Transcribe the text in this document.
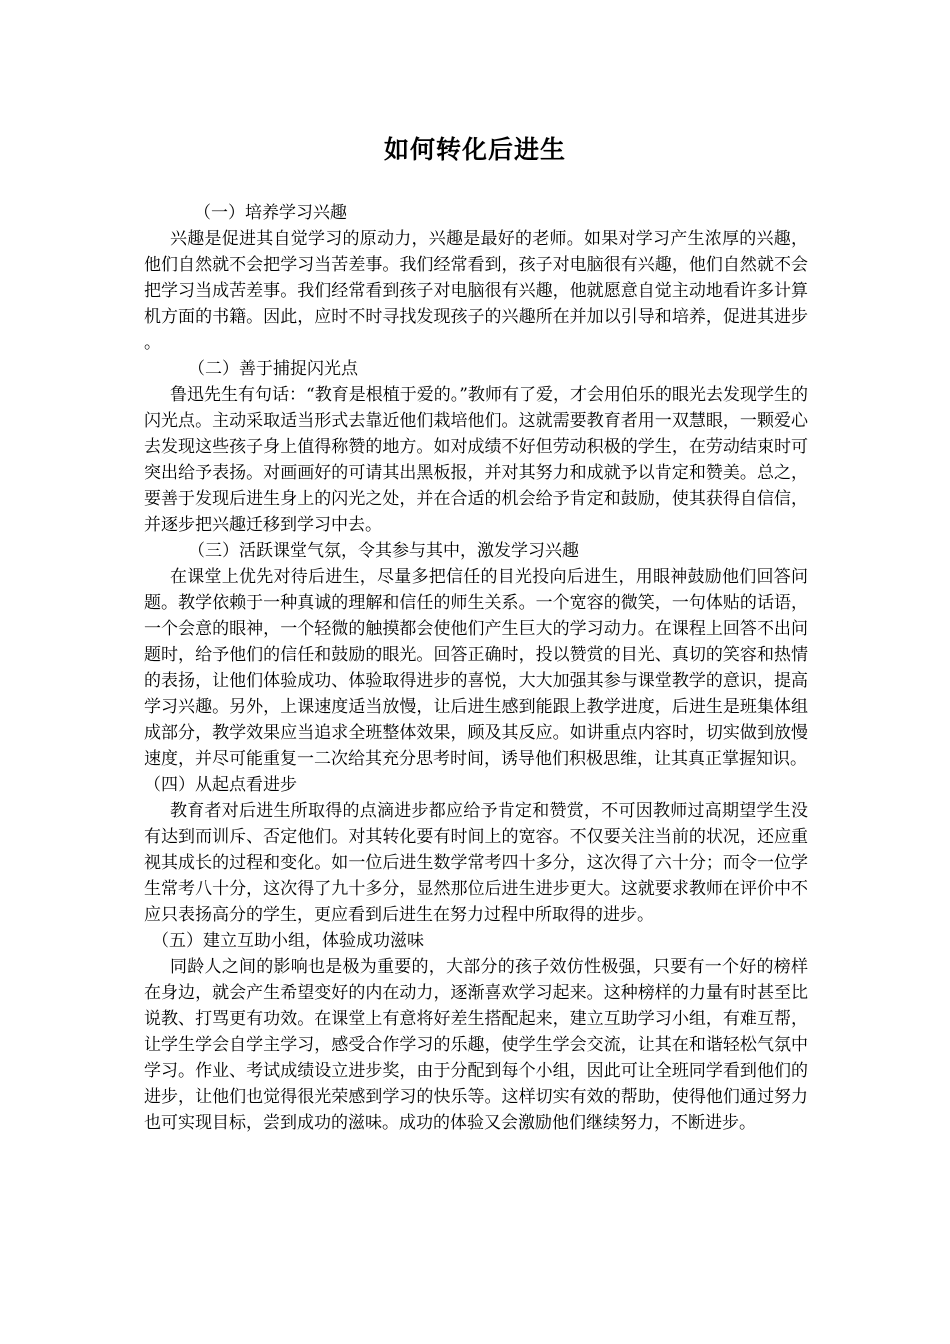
如何转化后进生

（一）培养学习兴趣

兴趣是促进其自觉学习的原动力，兴趣是最好的老师。如果对学习产生浓厚的兴趣，他们自然就不会把学习当苦差事。我们经常看到，孩子对电脑很有兴趣，他们自然就不会把学习当成苦差事。我们经常看到孩子对电脑很有兴趣，他就愿意自觉主动地看许多计算机方面的书籍。因此，应时不时寻找发现孩子的兴趣所在并加以引导和培养，促进其进步。

（二）善于捕捉闪光点

鲁迅先生有句话：“教育是根植于爱的。”教师有了爱，才会用伯乐的眼光去发现学生的闪光点。主动采取适当形式去靠近他们栽培他们。这就需要教育者用一双慧眼，一颗爱心去发现这些孩子身上值得称赞的地方。如对成绩不好但劳动积极的学生，在劳动结束时可突出给予表扬。对画画好的可请其出黑板报，并对其努力和成就予以肯定和赞美。总之，要善于发现后进生身上的闪光之处，并在合适的机会给予肯定和鼓励，使其获得自信信，并逐步把兴趣迁移到学习中去。

（三）活跃课堂气氛，令其参与其中，激发学习兴趣

在课堂上优先对待后进生，尽量多把信任的目光投向后进生，用眼神鼓励他们回答问题。教学依赖于一种真诚的理解和信任的师生关系。一个宽容的微笑，一句体贴的话语，一个会意的眼神，一个轻微的触摸都会使他们产生巨大的学习动力。在课程上回答不出问题时，给予他们的信任和鼓励的眼光。回答正确时，投以赞赏的目光、真切的笑容和热情的表扬，让他们体验成功、体验取得进步的喜悦，大大加强其参与课堂教学的意识，提高学习兴趣。另外，上课速度适当放慢，让后进生感到能跟上教学进度，后进生是班集体组成部分，教学效果应当追求全班整体效果，顾及其反应。如讲重点内容时，切实做到放慢速度，并尽可能重复一二次给其充分思考时间，诱导他们积极思维，让其真正掌握知识。

（四）从起点看进步

教育者对后进生所取得的点滴进步都应给予肯定和赞赏，不可因教师过高期望学生没有达到而训斥、否定他们。对其转化要有时间上的宽容。不仅要关注当前的状况，还应重视其成长的过程和变化。如一位后进生数学常考四十多分，这次得了六十分；而令一位学生常考八十分，这次得了九十多分，显然那位后进生进步更大。这就要求教师在评价中不应只表扬高分的学生，更应看到后进生在努力过程中所取得的进步。

（五）建立互助小组，体验成功滋味

同龄人之间的影响也是极为重要的，大部分的孩子效仿性极强，只要有一个好的榜样在身边，就会产生希望变好的内在动力，逐渐喜欢学习起来。这种榜样的力量有时甚至比说教、打骂更有功效。在课堂上有意将好差生搭配起来，建立互助学习小组，有难互帮，让学生学会自学主学习，感受合作学习的乐趣，使学生学会交流，让其在和谐轻松气氛中学习。作业、考试成绩设立进步奖，由于分配到每个小组，因此可让全班同学看到他们的进步，让他们也觉得很光荣感到学习的快乐等。这样切实有效的帮助，使得他们通过努力也可实现目标，尝到成功的滋味。成功的体验又会激励他们继续努力，不断进步。
